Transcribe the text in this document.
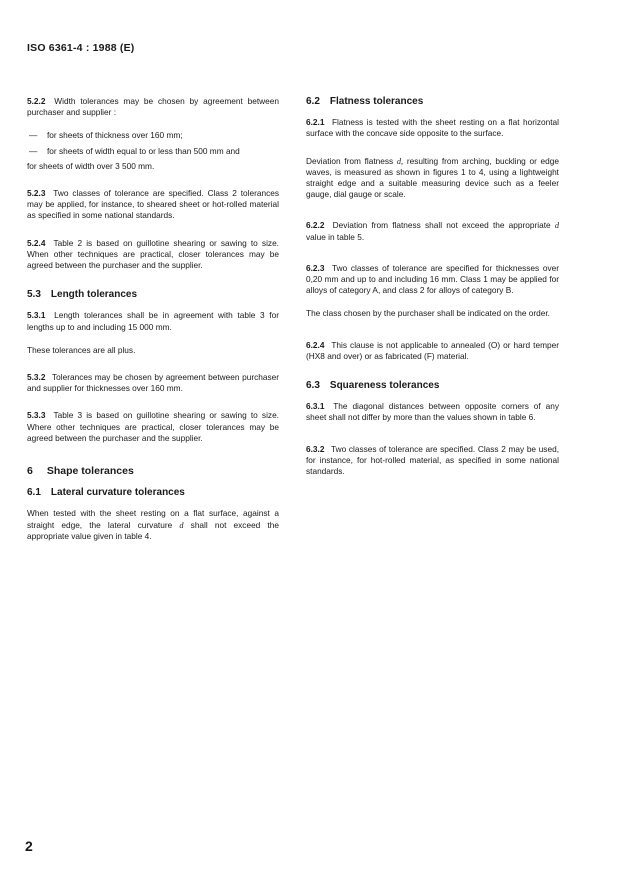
ISO 6361-4 : 1988 (E)

5.2.2 Width tolerances may be chosen by agreement between purchaser and supplier :

—	for sheets of thickness over 160 mm;
—	for sheets of width equal to or less than 500 mm and

for sheets of width over 3 500 mm.

5.2.3 Two classes of tolerance are specified. Class 2 tolerances may be applied, for instance, to sheared sheet or hot-rolled material as specified in some national standards.

5.2.4 Table 2 is based on guillotine shearing or sawing to size. When other techniques are practical, closer tolerances may be agreed between the purchaser and the supplier.

5.3 Length tolerances

5.3.1 Length tolerances shall be in agreement with table 3 for lengths up to and including 15 000 mm.

These tolerances are all plus.

5.3.2 Tolerances may be chosen by agreement between purchaser and supplier for thicknesses over 160 mm.

5.3.3 Table 3 is based on guillotine shearing or sawing to size. Where other techniques are practical, closer tolerances may be agreed between the purchaser and the supplier.

6 Shape tolerances
6.1 Lateral curvature tolerances

When tested with the sheet resting on a flat surface, against a straight edge, the lateral curvature d shall not exceed the appropriate value given in table 4.

6.2 Flatness tolerances

6.2.1 Flatness is tested with the sheet resting on a flat horizontal surface with the concave side opposite to the surface.

Deviation from flatness d, resulting from arching, buckling or edge waves, is measured as shown in figures 1 to 4, using a lightweight straight edge and a suitable measuring device such as a feeler gauge, dial gauge or scale.

6.2.2 Deviation from flatness shall not exceed the appropriate d value in table 5.

6.2.3 Two classes of tolerance are specified for thicknesses over 0,20 mm and up to and including 16 mm. Class 1 may be applied for alloys of category A, and class 2 for alloys of category B.

The class chosen by the purchaser shall be indicated on the order.

6.2.4 This clause is not applicable to annealed (O) or hard temper (HX8 and over) or as fabricated (F) material.

6.3 Squareness tolerances

6.3.1 The diagonal distances between opposite corners of any sheet shall not differ by more than the values shown in table 6.

6.3.2 Two classes of tolerance are specified. Class 2 may be used, for instance, for hot-rolled material, as specified in some national standards.

2
